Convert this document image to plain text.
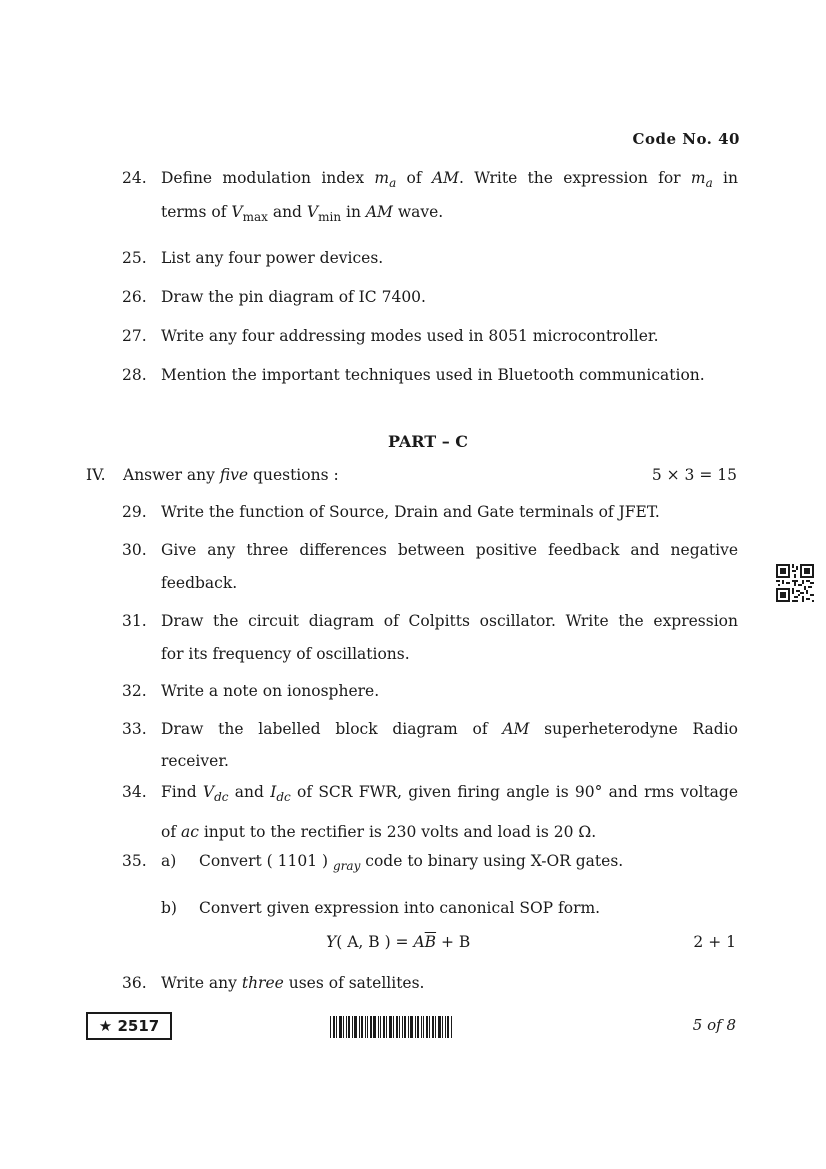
Code No. 40
24. Define modulation index $m_a$ of AM. Write the expression for $m_a$ in
terms of $V_{max}$ and $V_{min}$ in AM wave.
25. List any four power devices.
26. Draw the pin diagram of IC 7400.
27. Write any four addressing modes used in 8051 microcontroller.
28. Mention the important techniques used in Bluetooth communication.
PART – C
IV. Answer any five questions :	5 × 3 = 15
29. Write the function of Source, Drain and Gate terminals of JFET.
30. Give any three differences between positive feedback and negative
feedback.
31. Draw the circuit diagram of Colpitts oscillator. Write the expression
for its frequency of oscillations.
32. Write a note on ionosphere.
33. Draw the labelled block diagram of AM superheterodyne Radio
receiver.
34. Find $V_{dc}$ and $I_{dc}$ of SCR FWR, given firing angle is 90° and rms voltage
of ac input to the rectifier is 230 volts and load is 20 Ω.
35. a) Convert ( 1101 ) $_{gray}$ code to binary using X-OR gates.
b) Convert given expression into canonical SOP form.
Y( A, B ) = $A\overline{B} + B$	2 + 1
36. Write any three uses of satellites.
★ 2517	5 of 8
